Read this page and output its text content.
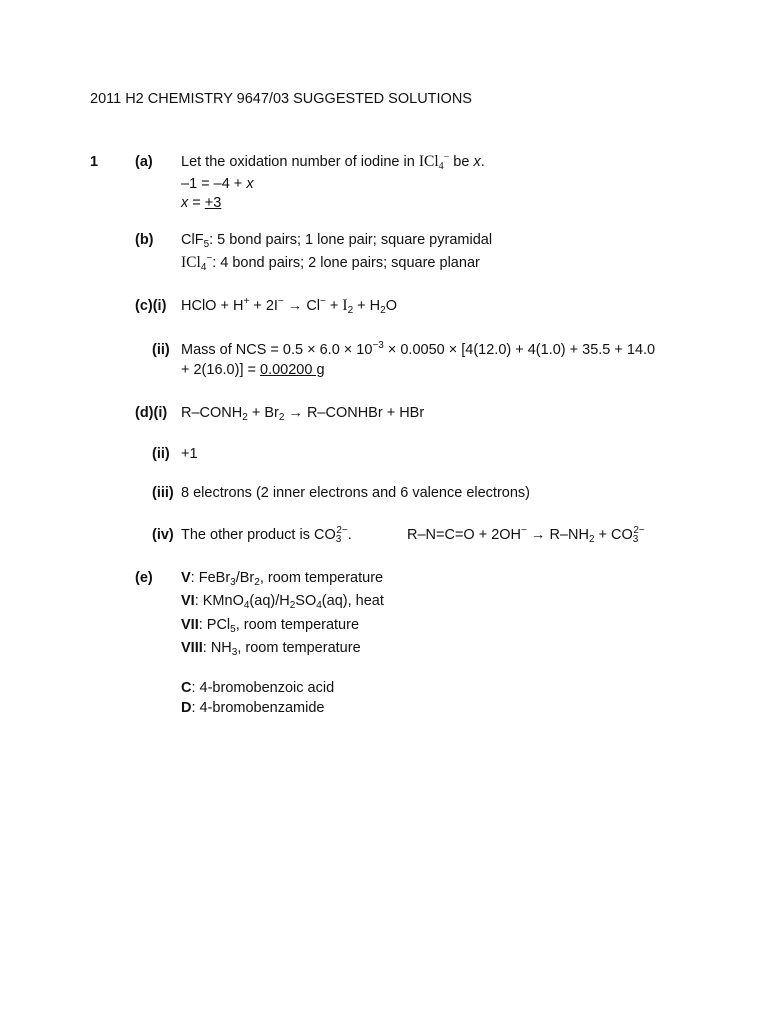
2011 H2 CHEMISTRY 9647/03 SUGGESTED SOLUTIONS
1	(a) Let the oxidation number of iodine in ICl$_4$− be x.
–1 = –4 + x
x = +3
(b) ClF$_5$: 5 bond pairs; 1 lone pair; square pyramidal
ICl$_4$−: 4 bond pairs; 2 lone pairs; square planar
(c)(i) HClO + $H^+ + 2I^- \to Cl^- + I_2 + H_2O$
(ii) Mass of NCS = $0.5 \times 6.0 \times 10^{-3} \times 0.0050 \times [4(12.0) + 4(1.0) + 35.5 + 14.0$
+ 2(16.0)] = 0.00200 g
(d)(i) $R-CONH_2 + Br_2$ → R–CONHBr + HBr
(ii) +1
(iii) 8 electrons (2 inner electrons and 6 valence electrons)
(iv) The other product is $CO_3^{2-}$.	$R-N=C=O + 2OH^- \to R-NH_2 + CO_3^{2-}$
(e) V: $FeBr_3/Br_2$, room temperature
VI: $KMnO_4(aq)/H_2SO_4(aq)$, heat
VII: PCl$_5$, room temperature
VIII: $NH_3$, room temperature
C: 4-bromobenzoic acid
D: 4-bromobenzamide
